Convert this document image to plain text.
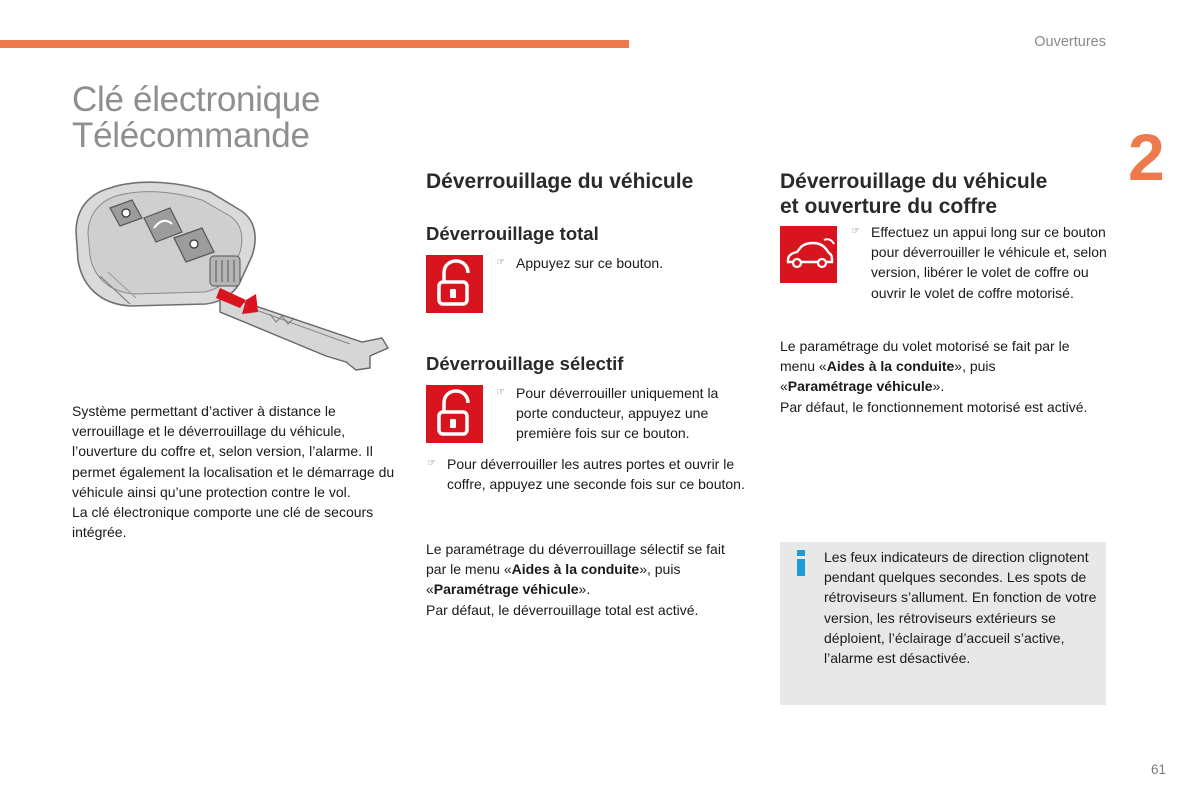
Ouvertures
2
Clé électronique
Télécommande
Système permettant d’activer à distance le verrouillage et le déverrouillage du véhicule, l’ouverture du coffre et, selon version, l’alarme. Il permet également la localisation et le démarrage du véhicule ainsi qu’une protection contre le vol.
La clé électronique comporte une clé de secours intégrée.
Déverrouillage du véhicule
Déverrouillage total
☞ Appuyez sur ce bouton.
Déverrouillage sélectif
☞ Pour déverrouiller uniquement la porte conducteur, appuyez une première fois sur ce bouton.
☞ Pour déverrouiller les autres portes et ouvrir le coffre, appuyez une seconde fois sur ce bouton.
Le paramétrage du déverrouillage sélectif se fait par le menu «Aides à la conduite», puis «Paramétrage véhicule».
Par défaut, le déverrouillage total est activé.
Déverrouillage du véhicule
et ouverture du coffre
☞ Effectuez un appui long sur ce bouton pour déverrouiller le véhicule et, selon version, libérer le volet de coffre ou ouvrir le volet de coffre motorisé.
Le paramétrage du volet motorisé se fait par le menu «Aides à la conduite», puis «Paramétrage véhicule».
Par défaut, le fonctionnement motorisé est activé.
Les feux indicateurs de direction clignotent pendant quelques secondes. Les spots de rétroviseurs s’allument. En fonction de votre version, les rétroviseurs extérieurs se déploient, l’éclairage d’accueil s’active, l’alarme est désactivée.
61
